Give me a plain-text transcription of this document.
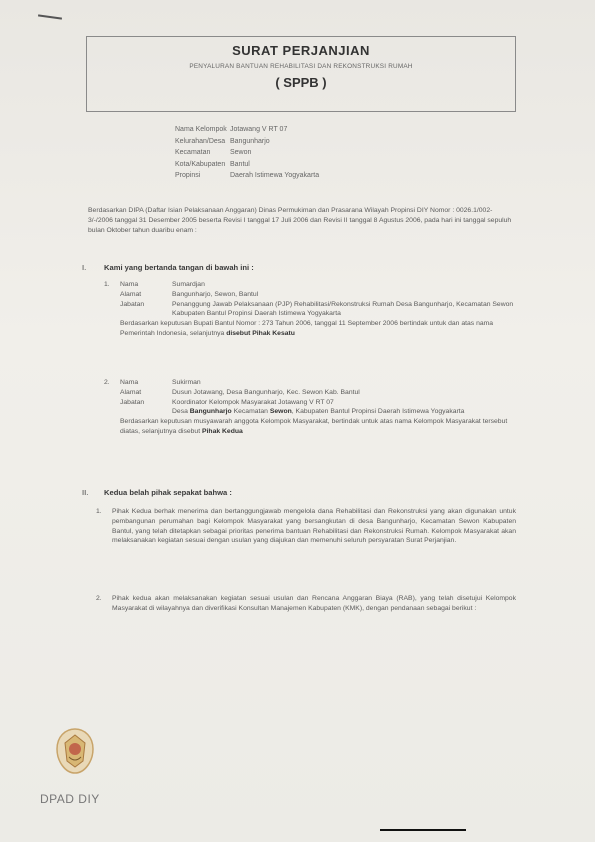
SURAT PERJANJIAN
PENYALURAN BANTUAN REHABILITASI DAN REKONSTRUKSI RUMAH
( SPPB )
Nama Kelompok Jotawang V RT 07
Kelurahan/Desa Bangunharjo
Kecamatan	Sewon
Kota/Kabupaten Bantul
Propinsi	Daerah Istimewa Yogyakarta
Berdasarkan DIPA (Daftar Isian Pelaksanaan Anggaran) Dinas Permukiman dan Prasarana Wilayah Propinsi DIY Nomor : 0026.1/002-3/-/2006 tanggal 31 Desember 2005 beserta Revisi I tanggal 17 Juli 2006 dan Revisi II tanggal 8 Agustus 2006, pada hari ini tanggal sepuluh bulan Oktober tahun duaribu enam :
I. Kami yang bertanda tangan di bawah ini :
1.	Nama	Sumardjan
Alamat	Bangunharjo, Sewon, Bantul
Jabatan	Penanggung Jawab Pelaksanaan (PJP) Rehabilitasi/Rekonstruksi Rumah Desa Bangunharjo, Kecamatan Sewon Kabupaten Bantul Propinsi Daerah Istimewa Yogyakarta
Berdasarkan keputusan Bupati Bantul Nomor : 273 Tahun 2006, tanggal 11 September 2006 bertindak untuk dan atas nama Pemerintah Indonesia, selanjutnya disebut Pihak Kesatu
2.	Nama	Sukirman
Alamat	Dusun Jotawang, Desa Bangunharjo, Kec. Sewon Kab. Bantul
Jabatan	Koordinator Kelompok Masyarakat Jotawang V RT 07
Desa Bangunharjo Kecamatan Sewon, Kabupaten Bantul Propinsi Daerah Istimewa Yogyakarta
Berdasarkan keputusan musyawarah anggota Kelompok Masyarakat, bertindak untuk atas nama Kelompok Masyarakat tersebut diatas, selanjutnya disebut Pihak Kedua
II. Kedua belah pihak sepakat bahwa :
1.	Pihak Kedua berhak menerima dan bertanggungjawab mengelola dana Rehabilitasi dan Rekonstruksi yang akan digunakan untuk pembangunan perumahan bagi Kelompok Masyarakat yang bersangkutan di desa Bangunharjo, Kecamatan Sewon Kabupaten Bantul, yang telah ditetapkan sebagai prioritas penerima bantuan Rehabilitasi dan Rekonstruksi Rumah. Kelompok Masyarakat akan melaksanakan kegiatan sesuai dengan usulan yang diajukan dan memenuhi seluruh persyaratan Surat Perjanjian.
2.	Pihak kedua akan melaksanakan kegiatan sesuai usulan dan Rencana Anggaran Biaya (RAB), yang telah disetujui Kelompok Masyarakat di wilayahnya dan diverifikasi Konsultan Manajemen Kabupaten (KMK), dengan pendanaan sebagai berikut :
DPAD DIY
